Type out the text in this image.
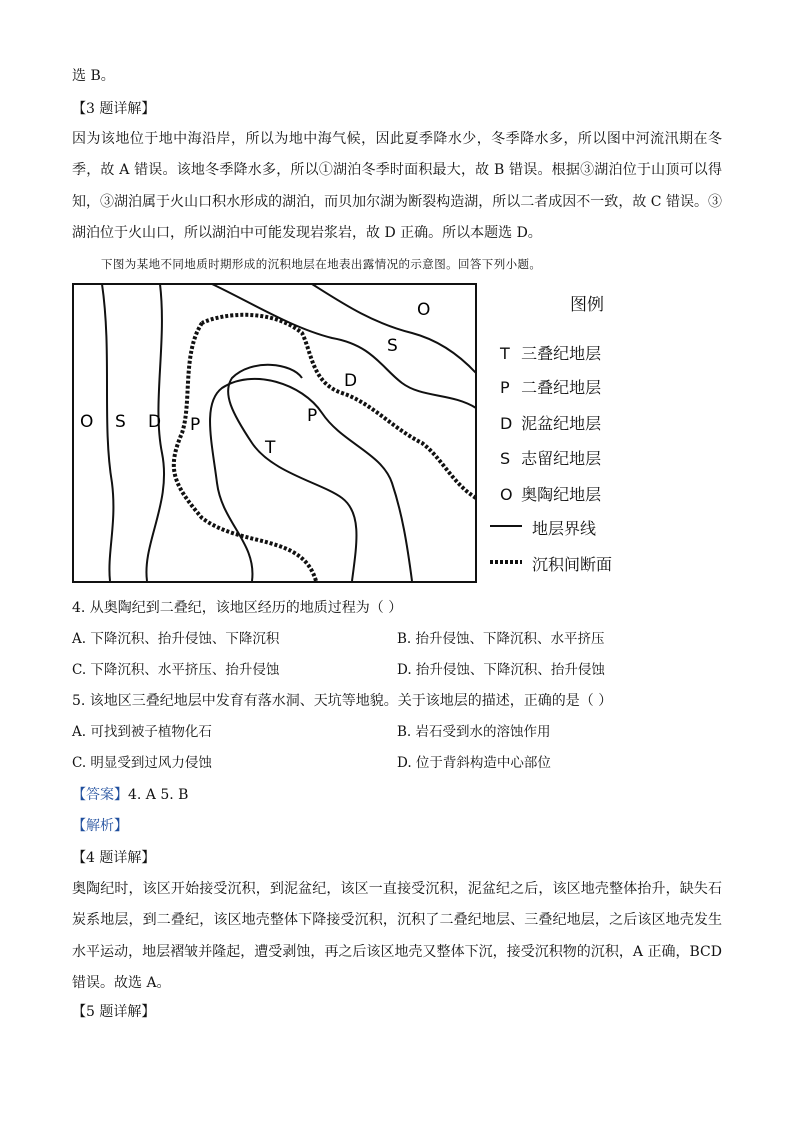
选 B。
【3 题详解】
因为该地位于地中海沿岸，所以为地中海气候，因此夏季降水少，冬季降水多，所以图中河流汛期在冬季，故 A 错误。该地冬季降水多，所以①湖泊冬季时面积最大，故 B 错误。根据③湖泊位于山顶可以得知，③湖泊属于火山口积水形成的湖泊，而贝加尔湖为断裂构造湖，所以二者成因不一致，故 C 错误。③湖泊位于火山口，所以湖泊中可能发现岩浆岩，故 D 正确。所以本题选 D。
下图为某地不同地质时期形成的沉积地层在地表出露情况的示意图。回答下列小题。
O
S
D
P
T
O S D P
图例
T 三叠纪地层
P 二叠纪地层
D 泥盆纪地层
S 志留纪地层
O 奥陶纪地层
地层界线
沉积间断面
4. 从奥陶纪到二叠纪，该地区经历的地质过程为（ ）
A. 下降沉积、抬升侵蚀、下降沉积	B. 抬升侵蚀、下降沉积、水平挤压
C. 下降沉积、水平挤压、抬升侵蚀	D. 抬升侵蚀、下降沉积、抬升侵蚀
5. 该地区三叠纪地层中发育有落水洞、天坑等地貌。关于该地层的描述，正确的是（ ）
A. 可找到被子植物化石	B. 岩石受到水的溶蚀作用
C. 明显受到过风力侵蚀	D. 位于背斜构造中心部位
【答案】4. A 5. B
【解析】
【4 题详解】
奥陶纪时，该区开始接受沉积，到泥盆纪，该区一直接受沉积，泥盆纪之后，该区地壳整体抬升，缺失石炭系地层，到二叠纪，该区地壳整体下降接受沉积，沉积了二叠纪地层、三叠纪地层，之后该区地壳发生水平运动，地层褶皱并隆起，遭受剥蚀，再之后该区地壳又整体下沉，接受沉积物的沉积，A 正确，BCD 错误。故选 A。
【5 题详解】
